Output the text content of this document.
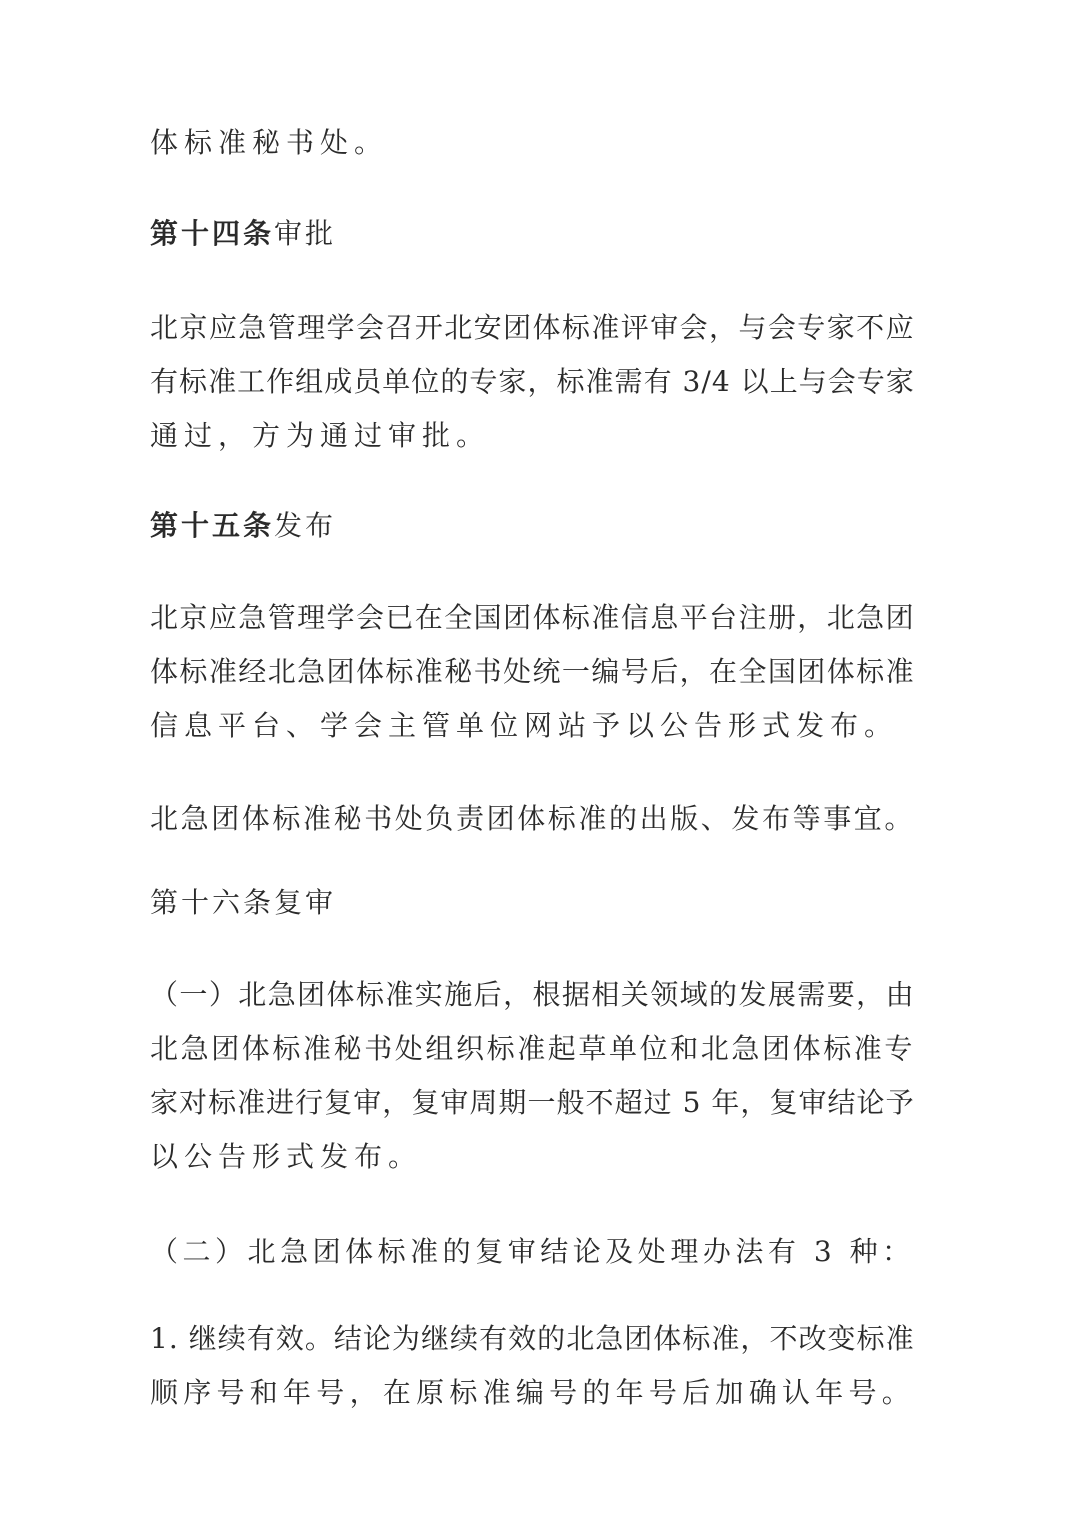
体标准秘书处。
第十四条审批
北京应急管理学会召开北安团体标准评审会，与会专家不应
有标准工作组成员单位的专家，标准需有 3/4 以上与会专家
通过，方为通过审批。
第十五条发布
北京应急管理学会已在全国团体标准信息平台注册，北急团
体标准经北急团体标准秘书处统一编号后，在全国团体标准
信息平台、学会主管单位网站予以公告形式发布。
北急团体标准秘书处负责团体标准的出版、发布等事宜。
第十六条复审
（一）北急团体标准实施后，根据相关领域的发展需要，由
北急团体标准秘书处组织标准起草单位和北急团体标准专
家对标准进行复审，复审周期一般不超过 5 年，复审结论予
以公告形式发布。
（二）北急团体标准的复审结论及处理办法有 3 种：
1. 继续有效。结论为继续有效的北急团体标准，不改变标准
顺序号和年号，在原标准编号的年号后加确认年号。
